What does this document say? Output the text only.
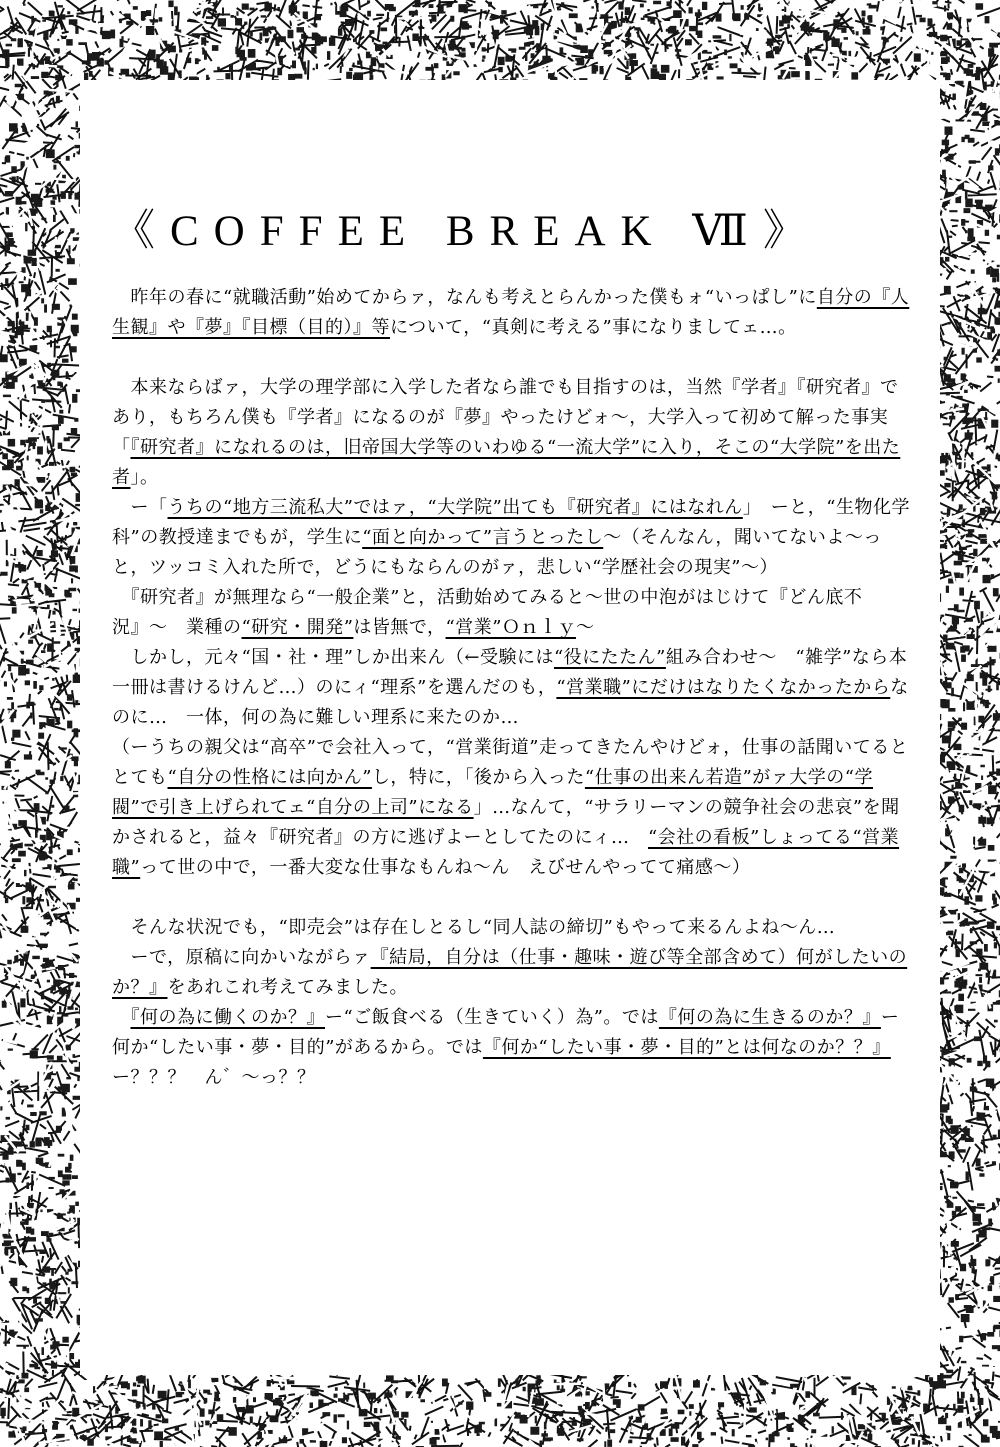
《COFFEE BREAK Ⅶ》
　昨年の春に“就職活動”始めてからァ，なんも考えとらんかった僕もォ“いっぱし”に自分の『人生観』や『夢』『目標（目的）』等について，“真剣に考える”事になりましてェ…。
　本来ならばァ，大学の理学部に入学した者なら誰でも目指すのは，当然『学者』『研究者』であり，もちろん僕も『学者』になるのが『夢』やったけどォ〜，大学入って初めて解った事実「『研究者』になれるのは，旧帝国大学等のいわゆる“一流大学”に入り，そこの“大学院”を出た者」。
　ー「うちの“地方三流私大”ではァ，“大学院”出ても『研究者』にはなれん」　ーと，“生物化学科”の教授達までもが，学生に“面と向かって”言うとったし〜（そんなん，聞いてないよ〜っ　と，ツッコミ入れた所で，どうにもならんのがァ，悲しい“学歴社会の現実”〜）
　『研究者』が無理なら“一般企業”と，活動始めてみると〜世の中泡がはじけて『どん底不況』〜　業種の“研究・開発”は皆無で，“営業”Ｏｎｌｙ〜
　しかし，元々“国・社・理”しか出来ん（←受験には“役にたたん”組み合わせ〜　“雑学”なら本一冊は書けるけんど…）のにィ“理系”を選んだのも，“営業職”にだけはなりたくなかったからなのに…　一体，何の為に難しい理系に来たのか…
（ーうちの親父は“高卒”で会社入って，“営業街道”走ってきたんやけどォ，仕事の話聞いてるととても“自分の性格には向かん”し，特に，「後から入った“仕事の出来ん若造”がァ大学の“学閥”で引き上げられてェ“自分の上司”になる」…なんて，“サラリーマンの競争社会の悲哀”を聞かされると，益々『研究者』の方に逃げよーとしてたのにィ…　“会社の看板”しょってる“営業職”って世の中で，一番大変な仕事なもんね〜ん　えびせんやってて痛感〜）
　そんな状況でも，“即売会”は存在しとるし“同人誌の締切”もやって来るんよね〜ん…
　ーで，原稿に向かいながらァ『結局，自分は（仕事・趣味・遊び等全部含めて）何がしたいのか？』をあれこれ考えてみました。
　『何の為に働くのか？』ー“ご飯食べる（生きていく）為”。では『何の為に生きるのか？』ー何か“したい事・夢・目的”があるから。では『何か“したい事・夢・目的”とは何なのか？？』ー？？？　ん゛〜っ？？
